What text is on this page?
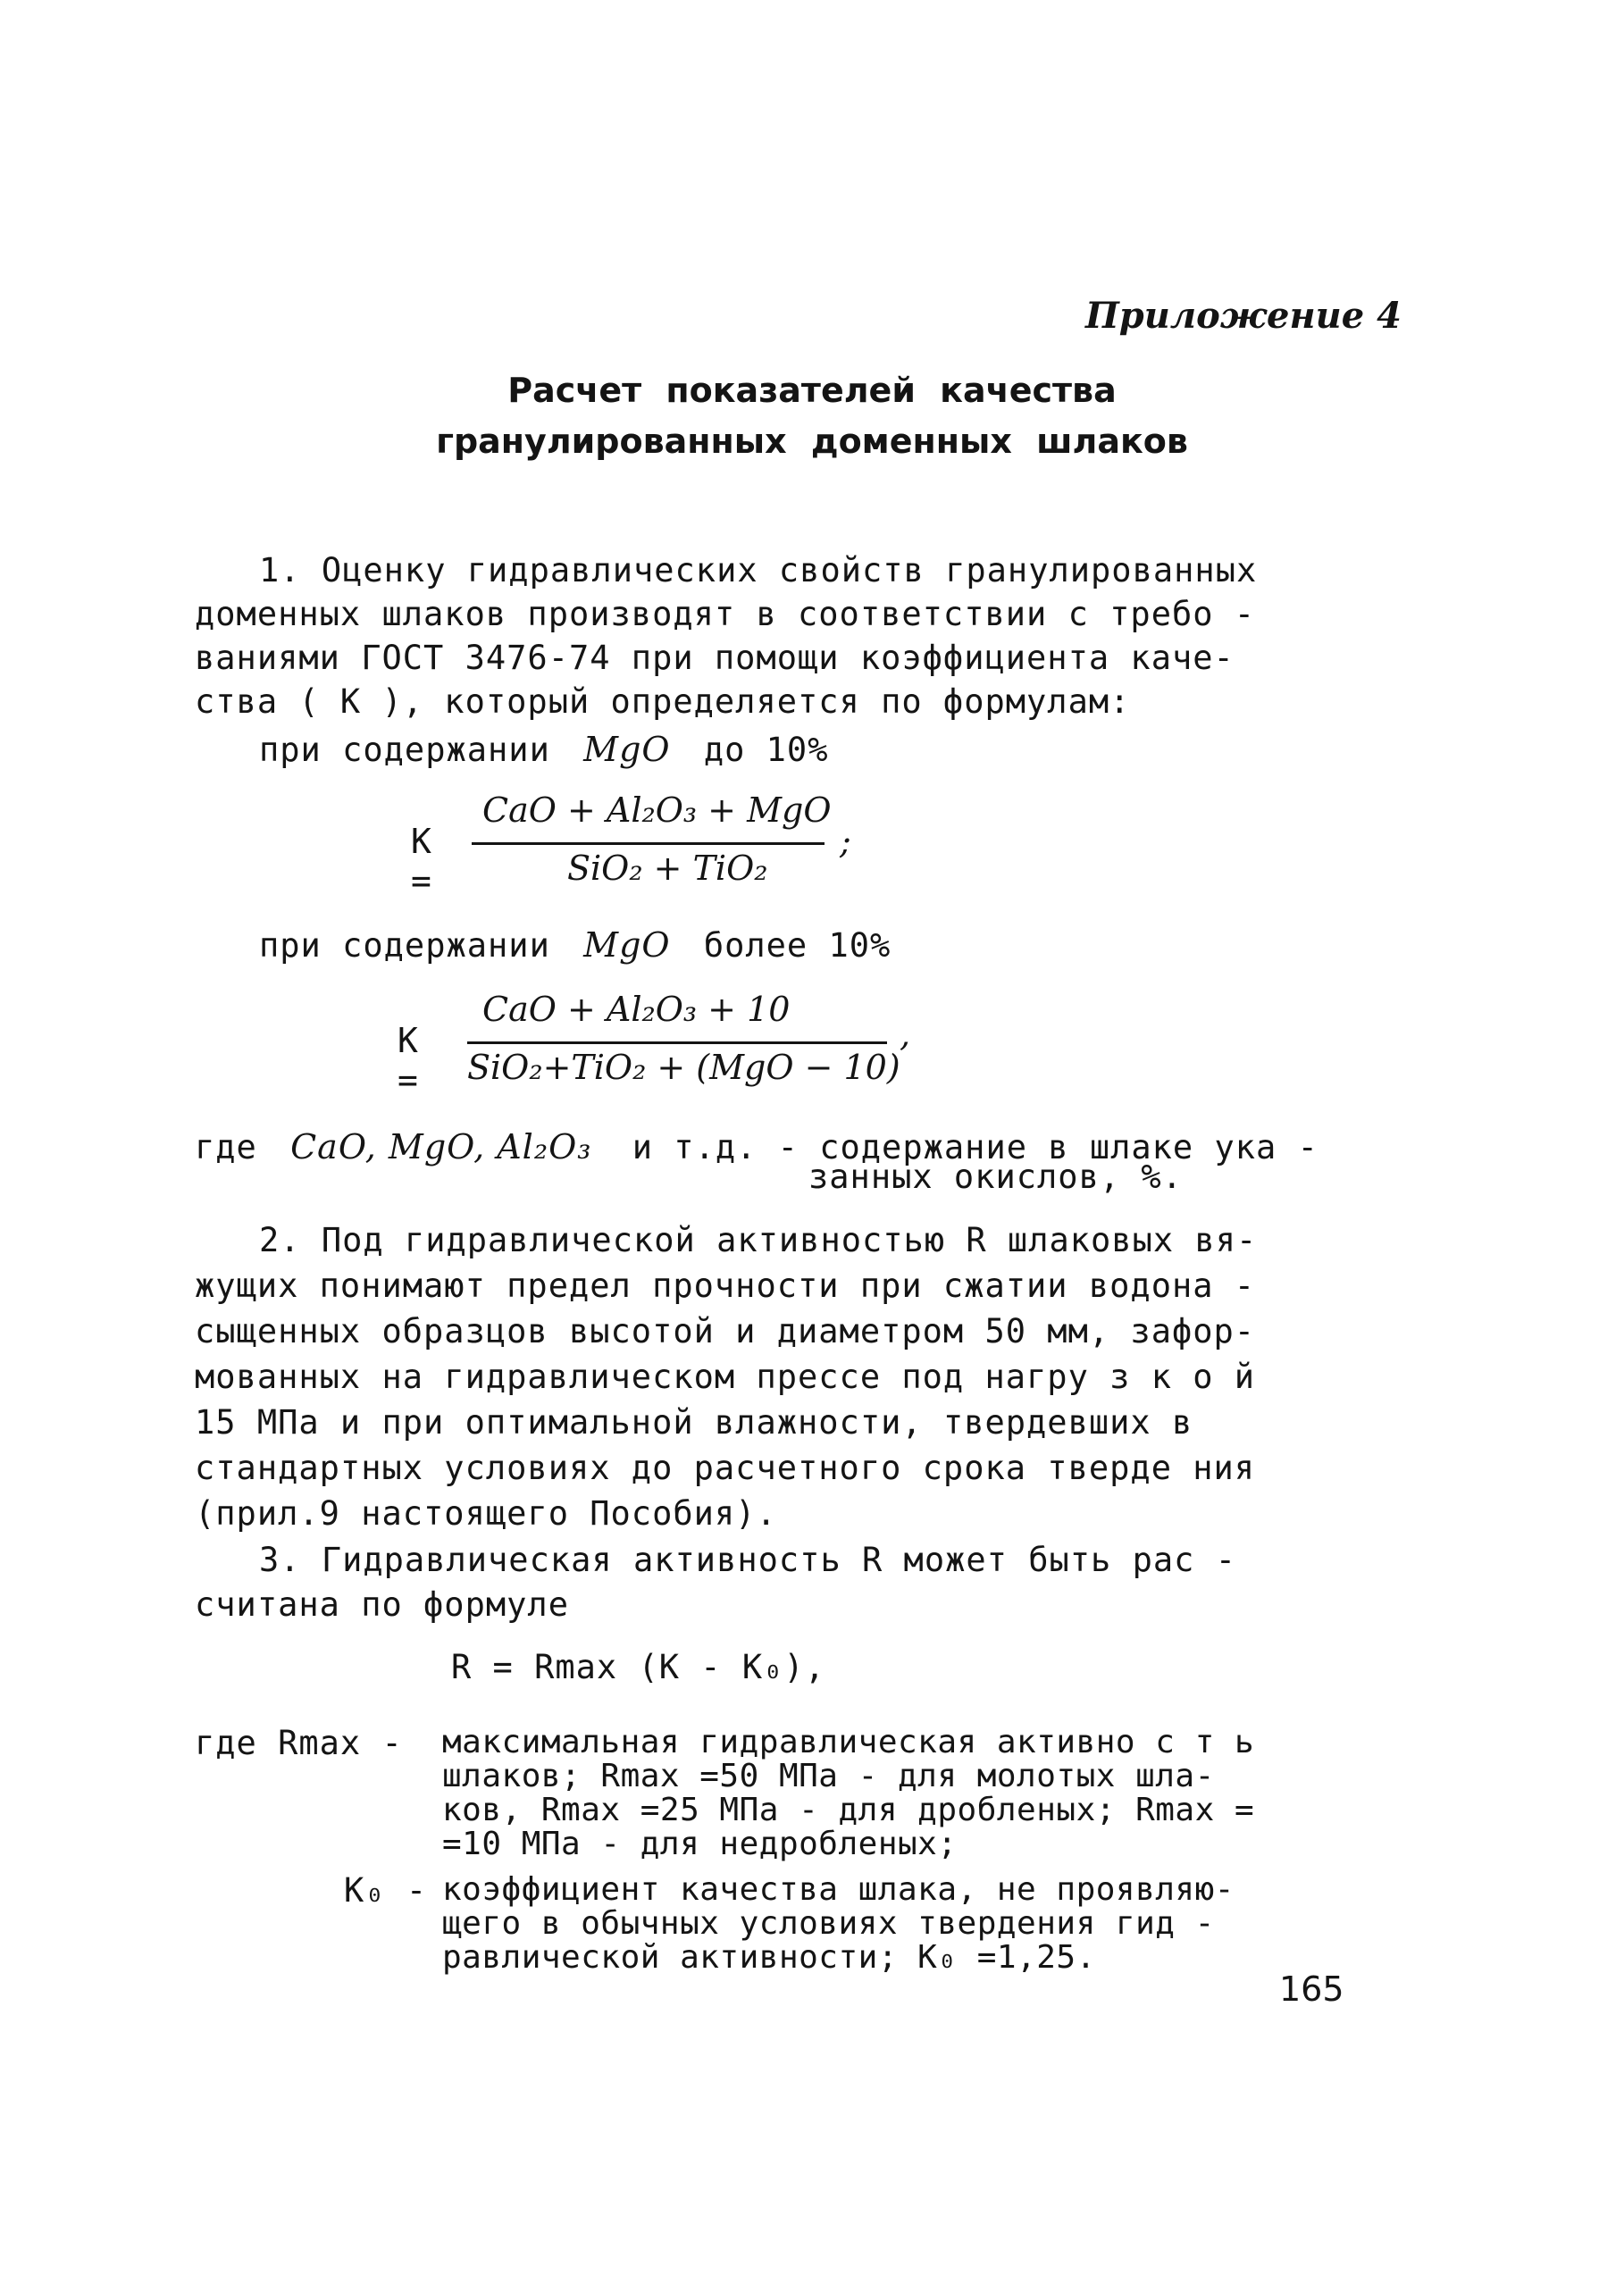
Приложение 4
Расчет показателей качества
гранулированных доменных шлаков
1. Оценку гидравлических свойств гранулированных
доменных шлаков производят в соответствии с требо -
ваниями ГОСТ 3476-74 при помощи коэффициента каче-
ства ( К ), который определяется по формулам:
при содержании MgO до 10%
K =
CaO + Al₂O₃ + MgO
SiO₂ + TiO₂
;
при содержании MgO более 10%
K =
CaO + Al₂O₃ + 10
SiO₂+TiO₂ + (MgO − 10)
,
где CaO, MgO, Al₂O₃ и т.д. - содержание в шлаке ука -
занных окислов, %.
2. Под гидравлической активностью R шлаковых вя-
жущих понимают предел прочности при сжатии водона -
сыщенных образцов высотой и диаметром 50 мм, зафор-
мованных на гидравлическом прессе под нагру з к о й
15 МПа и при оптимальной влажности, твердевших в
стандартных условиях до расчетного срока тверде ния
(прил.9 настоящего Пособия).
3. Гидравлическая активность R может быть рас -
считана по формуле
R = Rmax (K - K₀),
где Rmax - максимальная гидравлическая активно с т ь
шлаков; Rmax =50 МПа - для молотых шла-
ков, Rmax =25 МПа - для дробленых; Rmax =
=10 МПа - для недробленых;
K₀ - коэффициент качества шлака, не проявляю-
щего в обычных условиях твердения гид -
равлической активности; K₀ =1,25.
165
